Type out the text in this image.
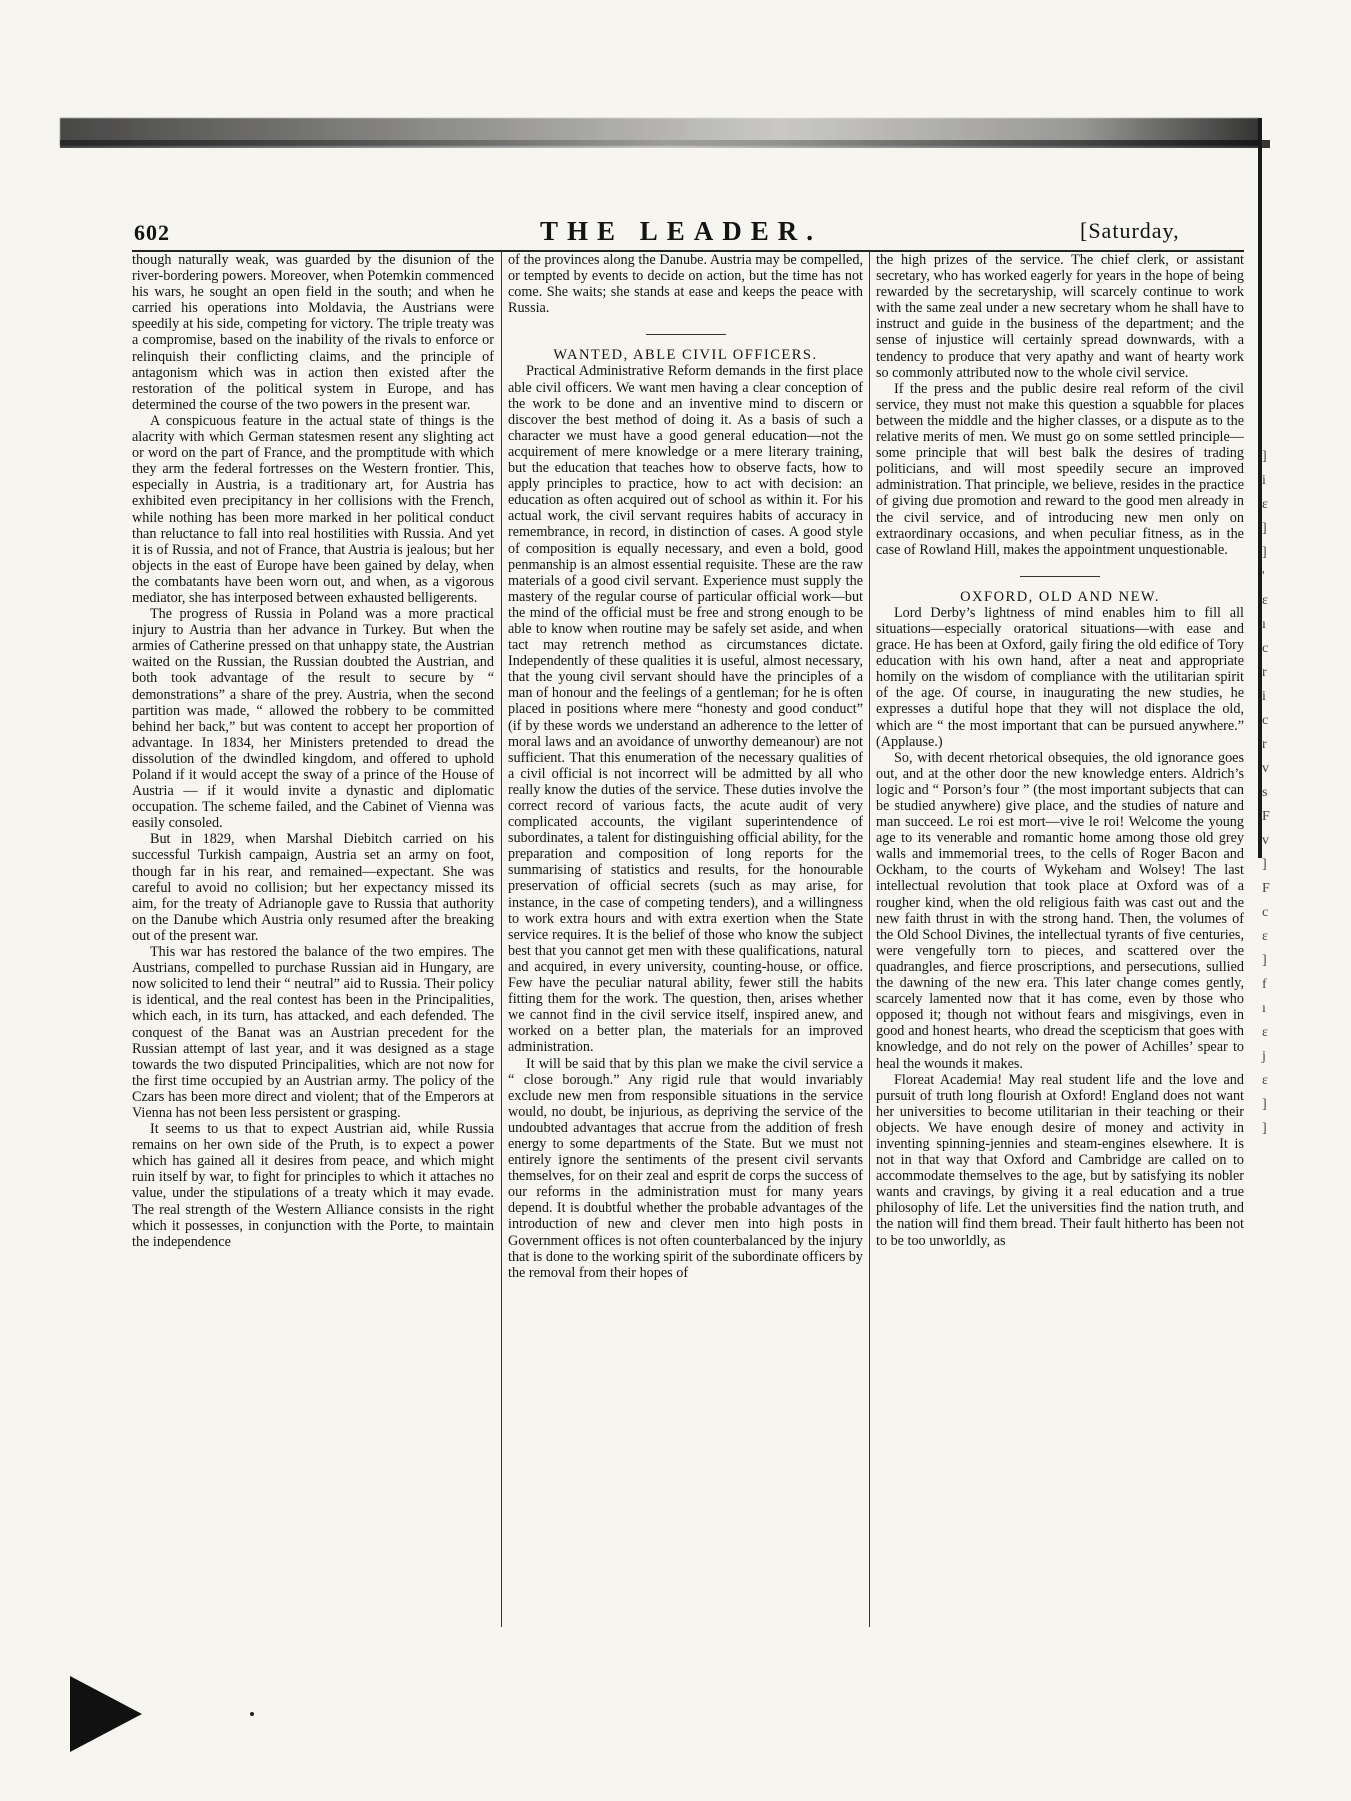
602	THE LEADER.	[Saturday,

though naturally weak, was guarded by the disunion of the river-bordering powers. Moreover, when Potemkin commenced his wars, he sought an open field in the south; and when he carried his operations into Moldavia, the Austrians were speedily at his side, competing for victory. The triple treaty was a compromise, based on the inability of the rivals to enforce or relinquish their conflicting claims, and the principle of antagonism which was in action then existed after the restoration of the political system in Europe, and has determined the course of the two powers in the present war.

A conspicuous feature in the actual state of things is the alacrity with which German statesmen resent any slighting act or word on the part of France, and the promptitude with which they arm the federal fortresses on the Western frontier. This, especially in Austria, is a traditionary art, for Austria has exhibited even precipitancy in her collisions with the French, while nothing has been more marked in her political conduct than reluctance to fall into real hostilities with Russia. And yet it is of Russia, and not of France, that Austria is jealous; but her objects in the east of Europe have been gained by delay, when the combatants have been worn out, and when, as a vigorous mediator, she has interposed between exhausted belligerents.

The progress of Russia in Poland was a more practical injury to Austria than her advance in Turkey. But when the armies of Catherine pressed on that unhappy state, the Austrian waited on the Russian, the Russian doubted the Austrian, and both took advantage of the result to secure by “ demonstrations” a share of the prey. Austria, when the second partition was made, “ allowed the robbery to be committed behind her back,” but was content to accept her proportion of advantage. In 1834, her Ministers pretended to dread the dissolution of the dwindled kingdom, and offered to uphold Poland if it would accept the sway of a prince of the House of Austria — if it would invite a dynastic and diplomatic occupation. The scheme failed, and the Cabinet of Vienna was easily consoled.

But in 1829, when Marshal Diebitch carried on his successful Turkish campaign, Austria set an army on foot, though far in his rear, and remained—expectant. She was careful to avoid no collision; but her expectancy missed its aim, for the treaty of Adrianople gave to Russia that authority on the Danube which Austria only resumed after the breaking out of the present war.

This war has restored the balance of the two empires. The Austrians, compelled to purchase Russian aid in Hungary, are now solicited to lend their “ neutral” aid to Russia. Their policy is identical, and the real contest has been in the Principalities, which each, in its turn, has attacked, and each defended. The conquest of the Banat was an Austrian precedent for the Russian attempt of last year, and it was designed as a stage towards the two disputed Principalities, which are not now for the first time occupied by an Austrian army. The policy of the Czars has been more direct and violent; that of the Emperors at Vienna has not been less persistent or grasping.

It seems to us that to expect Austrian aid, while Russia remains on her own side of the Pruth, is to expect a power which has gained all it desires from peace, and which might ruin itself by war, to fight for principles to which it attaches no value, under the stipulations of a treaty which it may evade. The real strength of the Western Alliance consists in the right which it possesses, in conjunction with the Porte, to maintain the independence

of the provinces along the Danube. Austria may be compelled, or tempted by events to decide on action, but the time has not come. She waits; she stands at ease and keeps the peace with Russia.

WANTED, ABLE CIVIL OFFICERS.

Practical Administrative Reform demands in the first place able civil officers. We want men having a clear conception of the work to be done and an inventive mind to discern or discover the best method of doing it. As a basis of such a character we must have a good general education—not the acquirement of mere knowledge or a mere literary training, but the education that teaches how to observe facts, how to apply principles to practice, how to act with decision: an education as often acquired out of school as within it. For his actual work, the civil servant requires habits of accuracy in remembrance, in record, in distinction of cases. A good style of composition is equally necessary, and even a bold, good penmanship is an almost essential requisite. These are the raw materials of a good civil servant. Experience must supply the mastery of the regular course of particular official work—but the mind of the official must be free and strong enough to be able to know when routine may be safely set aside, and when tact may retrench method as circumstances dictate. Independently of these qualities it is useful, almost necessary, that the young civil servant should have the principles of a man of honour and the feelings of a gentleman; for he is often placed in positions where mere “honesty and good conduct” (if by these words we understand an adherence to the letter of moral laws and an avoidance of unworthy demeanour) are not sufficient. That this enumeration of the necessary qualities of a civil official is not incorrect will be admitted by all who really know the duties of the service. These duties involve the correct record of various facts, the acute audit of very complicated accounts, the vigilant superintendence of subordinates, a talent for distinguishing official ability, for the preparation and composition of long reports for the summarising of statistics and results, for the honourable preservation of official secrets (such as may arise, for instance, in the case of competing tenders), and a willingness to work extra hours and with extra exertion when the State service requires. It is the belief of those who know the subject best that you cannot get men with these qualifications, natural and acquired, in every university, counting-house, or office. Few have the peculiar natural ability, fewer still the habits fitting them for the work. The question, then, arises whether we cannot find in the civil service itself, inspired anew, and worked on a better plan, the materials for an improved administration.

It will be said that by this plan we make the civil service a “ close borough.” Any rigid rule that would invariably exclude new men from responsible situations in the service would, no doubt, be injurious, as depriving the service of the undoubted advantages that accrue from the addition of fresh energy to some departments of the State. But we must not entirely ignore the sentiments of the present civil servants themselves, for on their zeal and esprit de corps the success of our reforms in the administration must for many years depend. It is doubtful whether the probable advantages of the introduction of new and clever men into high posts in Government offices is not often counterbalanced by the injury that is done to the working spirit of the subordinate officers by the removal from their hopes of

the high prizes of the service. The chief clerk, or assistant secretary, who has worked eagerly for years in the hope of being rewarded by the secretaryship, will scarcely continue to work with the same zeal under a new secretary whom he shall have to instruct and guide in the business of the department; and the sense of injustice will certainly spread downwards, with a tendency to produce that very apathy and want of hearty work so commonly attributed now to the whole civil service.

If the press and the public desire real reform of the civil service, they must not make this question a squabble for places between the middle and the higher classes, or a dispute as to the relative merits of men. We must go on some settled principle—some principle that will best balk the desires of trading politicians, and will most speedily secure an improved administration. That principle, we believe, resides in the practice of giving due promotion and reward to the good men already in the civil service, and of introducing new men only on extraordinary occasions, and when peculiar fitness, as in the case of Rowland Hill, makes the appointment unquestionable.

OXFORD, OLD AND NEW.

Lord Derby’s lightness of mind enables him to fill all situations—especially oratorical situations—with ease and grace. He has been at Oxford, gaily firing the old edifice of Tory education with his own hand, after a neat and appropriate homily on the wisdom of compliance with the utilitarian spirit of the age. Of course, in inaugurating the new studies, he expresses a dutiful hope that they will not displace the old, which are “ the most important that can be pursued anywhere.” (Applause.)

So, with decent rhetorical obsequies, the old ignorance goes out, and at the other door the new knowledge enters. Aldrich’s logic and “ Porson’s four ” (the most important subjects that can be studied anywhere) give place, and the studies of nature and man succeed. Le roi est mort—vive le roi! Welcome the young age to its venerable and romantic home among those old grey walls and immemorial trees, to the cells of Roger Bacon and Ockham, to the courts of Wykeham and Wolsey! The last intellectual revolution that took place at Oxford was of a rougher kind, when the old religious faith was cast out and the new faith thrust in with the strong hand. Then, the volumes of the Old School Divines, the intellectual tyrants of five centuries, were vengefully torn to pieces, and scattered over the quadrangles, and fierce proscriptions, and persecutions, sullied the dawning of the new era. This later change comes gently, scarcely lamented now that it has come, even by those who opposed it; though not without fears and misgivings, even in good and honest hearts, who dread the scepticism that goes with knowledge, and do not rely on the power of Achilles’ spear to heal the wounds it makes.

Floreat Academia! May real student life and the love and pursuit of truth long flourish at Oxford! England does not want her universities to become utilitarian in their teaching or their objects. We have enough desire of money and activity in inventing spinning-jennies and steam-engines elsewhere. It is not in that way that Oxford and Cambridge are called on to accommodate themselves to the age, but by satisfying its nobler wants and cravings, by giving it a real education and a true philosophy of life. Let the universities find the nation truth, and the nation will find them bread. Their fault hitherto has been not to be too unworldly, as

]
i
ε
]
]
'
ε
ı
c
r
i
c
r
v
s
F
v
]
F
c
ε
]
f
ı
ε
j
ε
]
]
